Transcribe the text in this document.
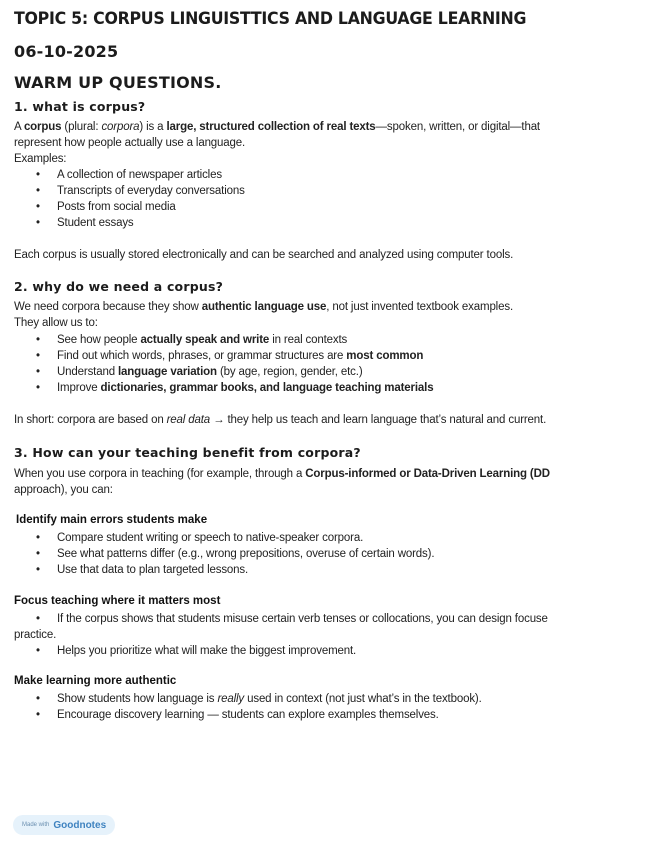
TOPIC 5: CORPUS LINGUISTTICS AND LANGUAGE LEARNING
06-10-2025
WARM UP QUESTIONS.
1. what is corpus?
A corpus (plural: corpora) is a large, structured collection of real texts—spoken, written, or digital—that
represent how people actually use a language.
Examples:
• A collection of newspaper articles
• Transcripts of everyday conversations
• Posts from social media
• Student essays
Each corpus is usually stored electronically and can be searched and analyzed using computer tools.
2. why do we need a corpus?
We need corpora because they show authentic language use, not just invented textbook examples.
They allow us to:
• See how people actually speak and write in real contexts
• Find out which words, phrases, or grammar structures are most common
• Understand language variation (by age, region, gender, etc.)
• Improve dictionaries, grammar books, and language teaching materials
In short: corpora are based on real data → they help us teach and learn language that’s natural and current.
3. How can your teaching benefit from corpora?
When you use corpora in teaching (for example, through a Corpus-informed or Data-Driven Learning (DD
approach), you can:
Identify main errors students make
• Compare student writing or speech to native-speaker corpora.
• See what patterns differ (e.g., wrong prepositions, overuse of certain words).
• Use that data to plan targeted lessons.
Focus teaching where it matters most
• If the corpus shows that students misuse certain verb tenses or collocations, you can design focuse
practice.
• Helps you prioritize what will make the biggest improvement.
Make learning more authentic
• Show students how language is really used in context (not just what’s in the textbook).
• Encourage discovery learning — students can explore examples themselves.
Made with Goodnotes
